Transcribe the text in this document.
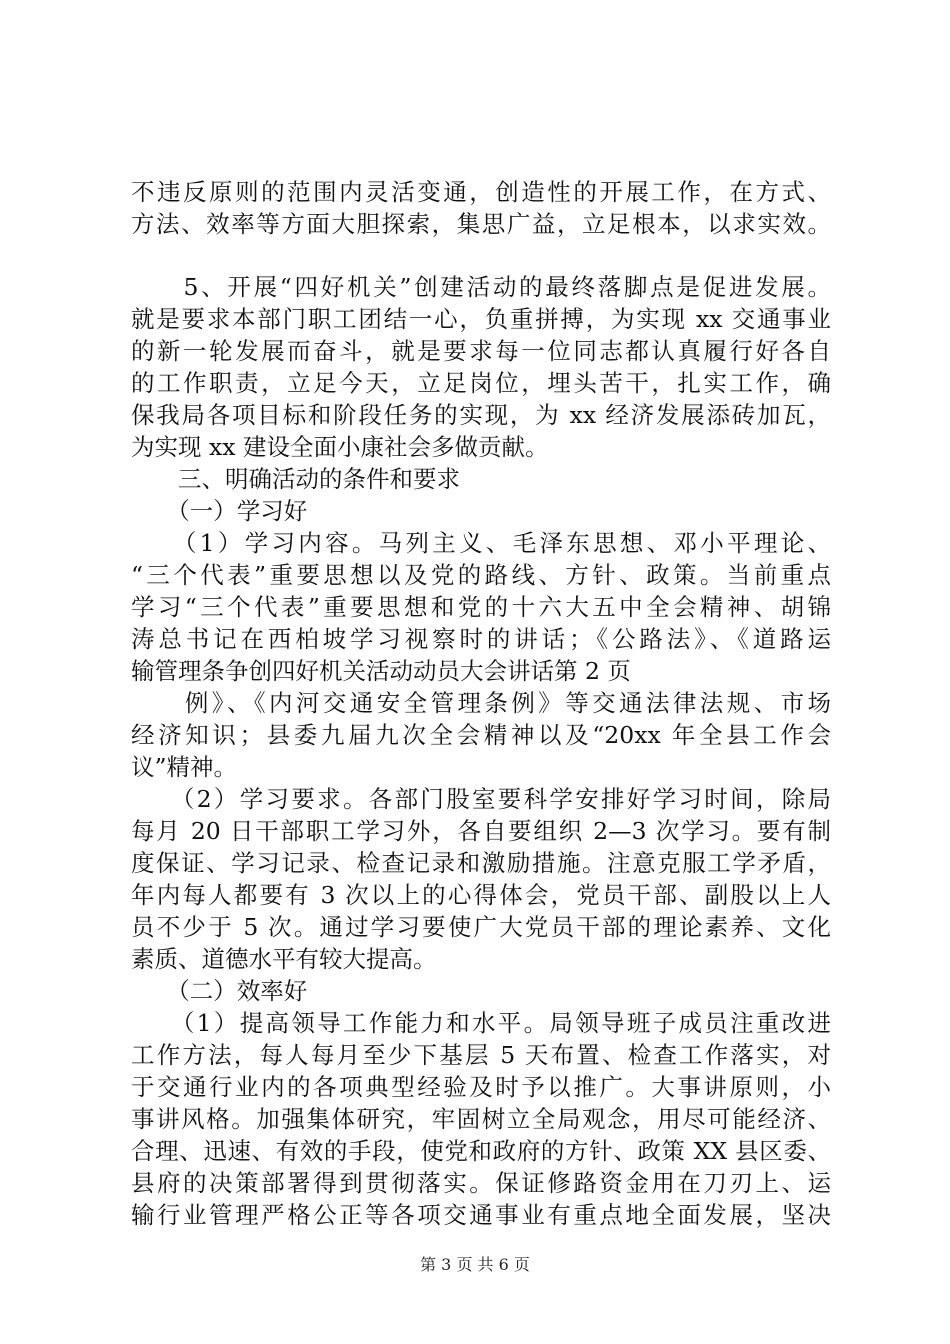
不违反原则的范围内灵活变通，创造性的开展工作，在方式、
方法、效率等方面大胆探索，集思广益，立足根本，以求实效。
　　5、开展“四好机关”创建活动的最终落脚点是促进发展。
就是要求本部门职工团结一心，负重拼搏，为实现 xx 交通事业
的新一轮发展而奋斗，就是要求每一位同志都认真履行好各自
的工作职责，立足今天，立足岗位，埋头苦干，扎实工作，确
保我局各项目标和阶段任务的实现，为 xx 经济发展添砖加瓦，
为实现 xx 建设全面小康社会多做贡献。
　　三、明确活动的条件和要求
　　（一）学习好
　　（1）学习内容。马列主义、毛泽东思想、邓小平理论、
“三个代表”重要思想以及党的路线、方针、政策。当前重点
学习“三个代表”重要思想和党的十六大五中全会精神、胡锦
涛总书记在西柏坡学习视察时的讲话；《公路法》、《道路运
输管理条争创四好机关活动动员大会讲话第 2 页
　　例》、《内河交通安全管理条例》等交通法律法规、市场
经济知识；县委九届九次全会精神以及“20xx 年全县工作会
议”精神。
　　（2）学习要求。各部门股室要科学安排好学习时间，除局
每月 20 日干部职工学习外，各自要组织 2—3 次学习。要有制
度保证、学习记录、检查记录和激励措施。注意克服工学矛盾，
年内每人都要有 3 次以上的心得体会，党员干部、副股以上人
员不少于 5 次。通过学习要使广大党员干部的理论素养、文化
素质、道德水平有较大提高。
　　（二）效率好
　　（1）提高领导工作能力和水平。局领导班子成员注重改进
工作方法，每人每月至少下基层 5 天布置、检查工作落实，对
于交通行业内的各项典型经验及时予以推广。大事讲原则，小
事讲风格。加强集体研究，牢固树立全局观念，用尽可能经济、
合理、迅速、有效的手段，使党和政府的方针、政策 XX 县区委、
县府的决策部署得到贯彻落实。保证修路资金用在刀刃上、运
输行业管理严格公正等各项交通事业有重点地全面发展，坚决
第 3 页 共 6 页
